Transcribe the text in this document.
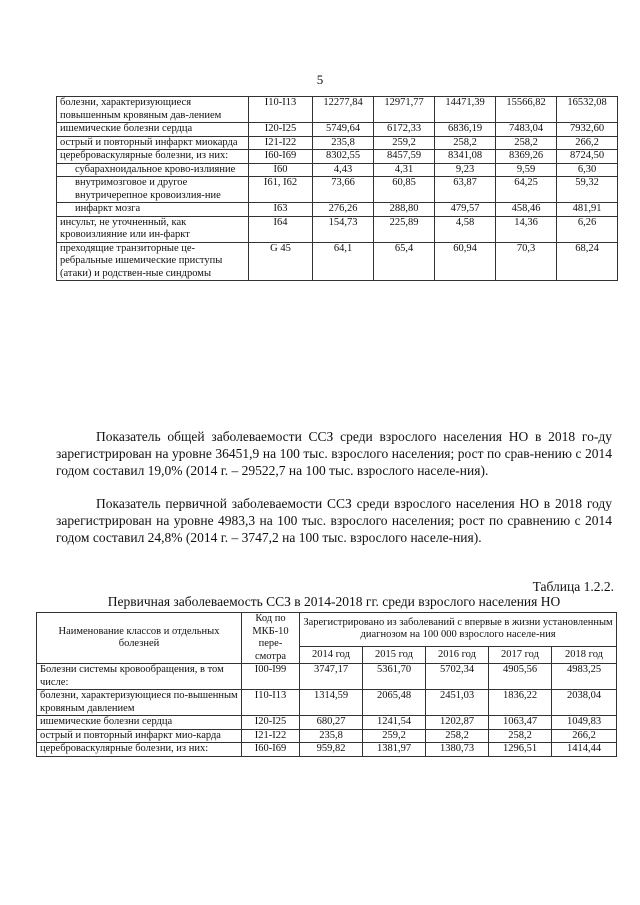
5
болезни, характеризующиеся повышенным кровяным дав-лением	I10-I13	12277,84	12971,77	14471,39	15566,82	16532,08
ишемические болезни сердца	I20-I25	5749,64	6172,33	6836,19	7483,04	7932,60
острый и повторный инфаркт миокарда	I21-I22	235,8	259,2	258,2	258,2	266,2
цереброваскулярные болезни, из них:	I60-I69	8302,55	8457,59	8341,08	8369,26	8724,50
субарахноидальное крово-излияние	I60	4,43	4,31	9,23	9,59	6,30
внутримозговое и другое внутричерепное кровоизлия-ние	I61, I62	73,66	60,85	63,87	64,25	59,32
инфаркт мозга	I63	276,26	288,80	479,57	458,46	481,91
инсульт, не уточненный, как кровоизлияние или ин-фаркт	I64	154,73	225,89	4,58	14,36	6,26
преходящие транзиторные це-ребральные ишемические приступы (атаки) и родствен-ные синдромы	G 45	64,1	65,4	60,94	70,3	68,24

Показатель общей заболеваемости ССЗ среди взрослого населения НО в 2018 го-ду зарегистрирован на уровне 36451,9 на 100 тыс. взрослого населения; рост по срав-нению с 2014 годом составил 19,0% (2014 г. – 29522,7 на 100 тыс. взрослого населе-ния).

Показатель первичной заболеваемости ССЗ среди взрослого населения НО в 2018 году зарегистрирован на уровне 4983,3 на 100 тыс. взрослого населения; рост по сравнению с 2014 годом составил 24,8% (2014 г. – 3747,2 на 100 тыс. взрослого населе-ния).

Таблица 1.2.2.
Первичная заболеваемость ССЗ в 2014-2018 гг. среди взрослого населения НО
Наименование классов и отдельных болезней	Код по МКБ-10 пере-смотра	Зарегистрировано из заболеваний с впервые в жизни установленным диагнозом на 100 000 взрослого населе-ния				
		2014 год	2015 год	2016 год	2017 год	2018 год
Болезни системы кровообращения, в том числе:	I00-I99	3747,17	5361,70	5702,34	4905,56	4983,25
болезни, характеризующиеся по-вышенным кровяным давлением	I10-I13	1314,59	2065,48	2451,03	1836,22	2038,04
ишемические болезни сердца	I20-I25	680,27	1241,54	1202,87	1063,47	1049,83
острый и повторный инфаркт мио-карда	I21-I22	235,8	259,2	258,2	258,2	266,2
цереброваскулярные болезни, из них:	I60-I69	959,82	1381,97	1380,73	1296,51	1414,44
